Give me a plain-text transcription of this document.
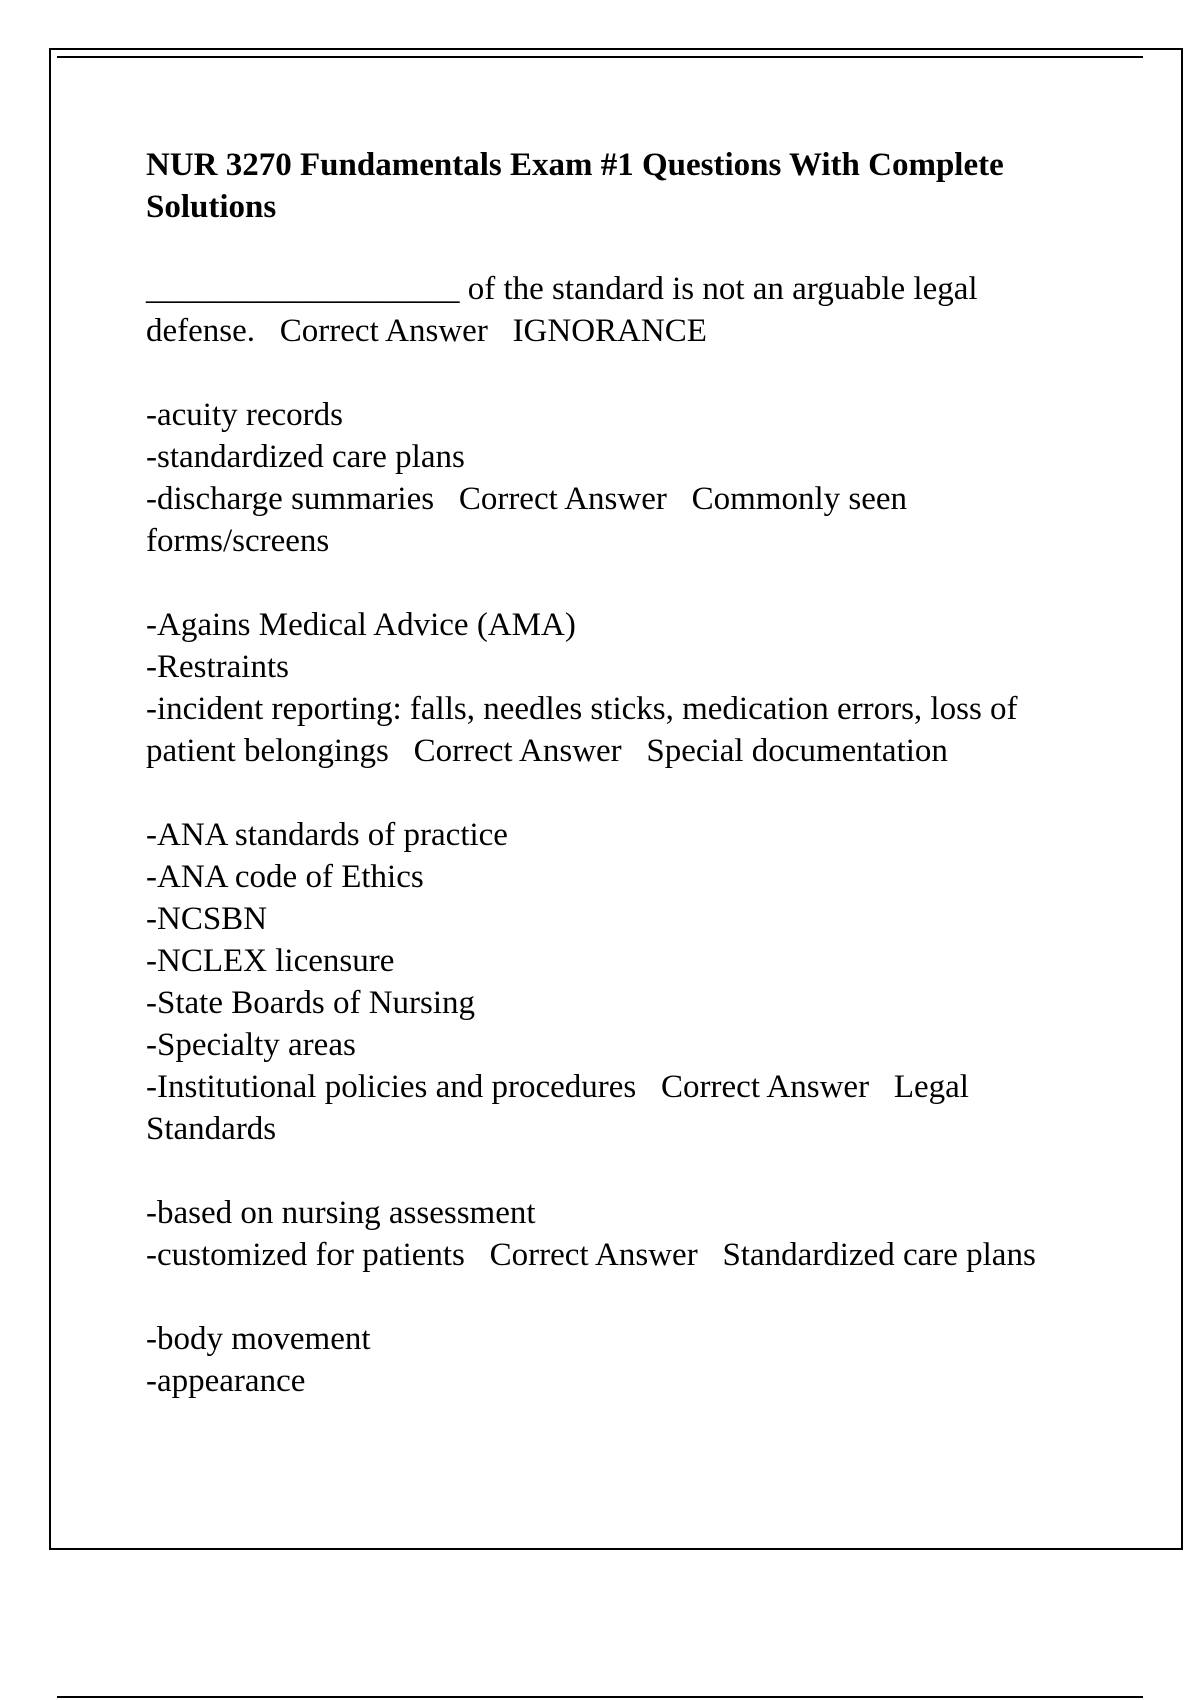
NUR 3270 Fundamentals Exam #1 Questions With Complete Solutions
___________________ of the standard is not an arguable legal defense. Correct Answer IGNORANCE
-acuity records
-standardized care plans
-discharge summaries Correct Answer Commonly seen forms/screens
-Agains Medical Advice (AMA)
-Restraints
-incident reporting: falls, needles sticks, medication errors, loss of patient belongings Correct Answer Special documentation
-ANA standards of practice
-ANA code of Ethics
-NCSBN
-NCLEX licensure
-State Boards of Nursing
-Specialty areas
-Institutional policies and procedures Correct Answer Legal Standards
-based on nursing assessment
-customized for patients Correct Answer Standardized care plans
-body movement
-appearance
